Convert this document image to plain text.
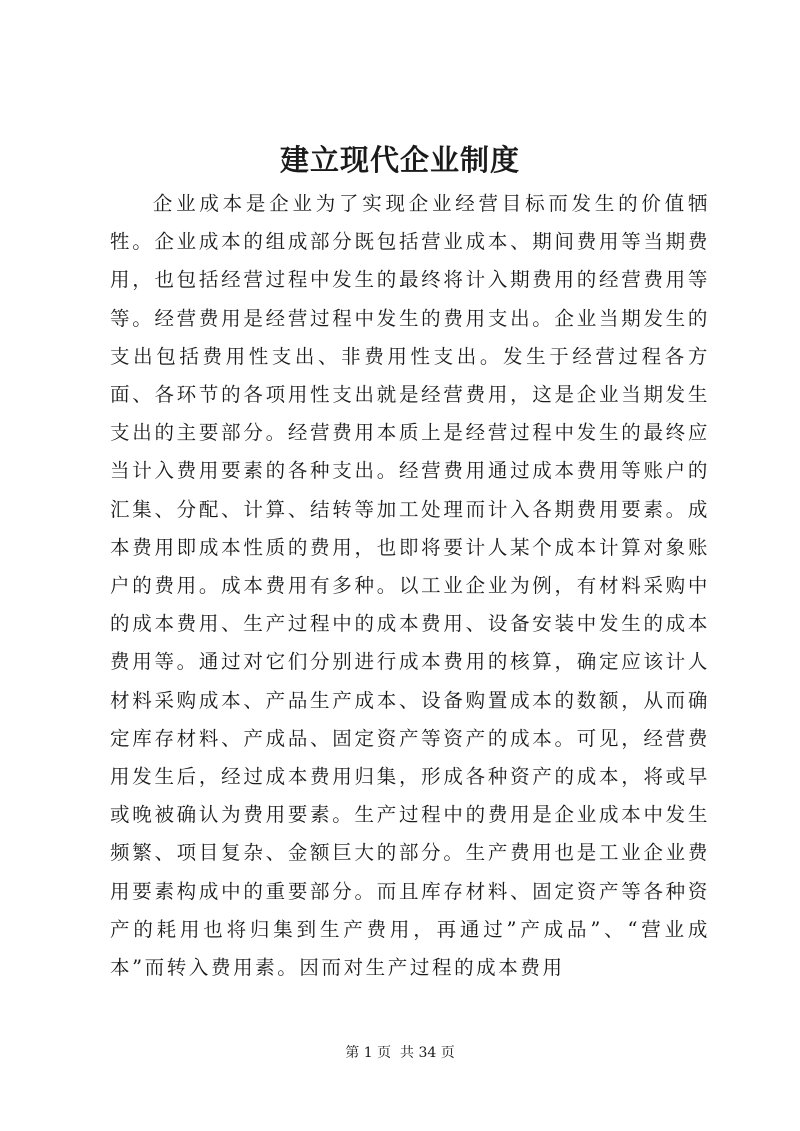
建立现代企业制度

企业成本是企业为了实现企业经营目标而发生的价值牺牲。企业成本的组成部分既包括营业成本、期间费用等当期费用，也包括经营过程中发生的最终将计入期费用的经营费用等等。经营费用是经营过程中发生的费用支出。企业当期发生的支出包括费用性支出、非费用性支出。发生于经营过程各方面、各环节的各项用性支出就是经营费用，这是企业当期发生支出的主要部分。经营费用本质上是经营过程中发生的最终应当计入费用要素的各种支出。经营费用通过成本费用等账户的汇集、分配、计算、结转等加工处理而计入各期费用要素。成本费用即成本性质的费用，也即将要计人某个成本计算对象账户的费用。成本费用有多种。以工业企业为例，有材料采购中的成本费用、生产过程中的成本费用、设备安装中发生的成本费用等。通过对它们分别进行成本费用的核算，确定应该计人材料采购成本、产品生产成本、设备购置成本的数额，从而确定库存材料、产成品、固定资产等资产的成本。可见，经营费用发生后，经过成本费用归集，形成各种资产的成本，将或早或晚被确认为费用要素。生产过程中的费用是企业成本中发生频繁、项目复杂、金额巨大的部分。生产费用也是工业企业费用要素构成中的重要部分。而且库存材料、固定资产等各种资产的耗用也将归集到生产费用，再通过”产成品”、“营业成本”而转入费用素。因而对生产过程的成本费用

第 1 页  共 34 页
